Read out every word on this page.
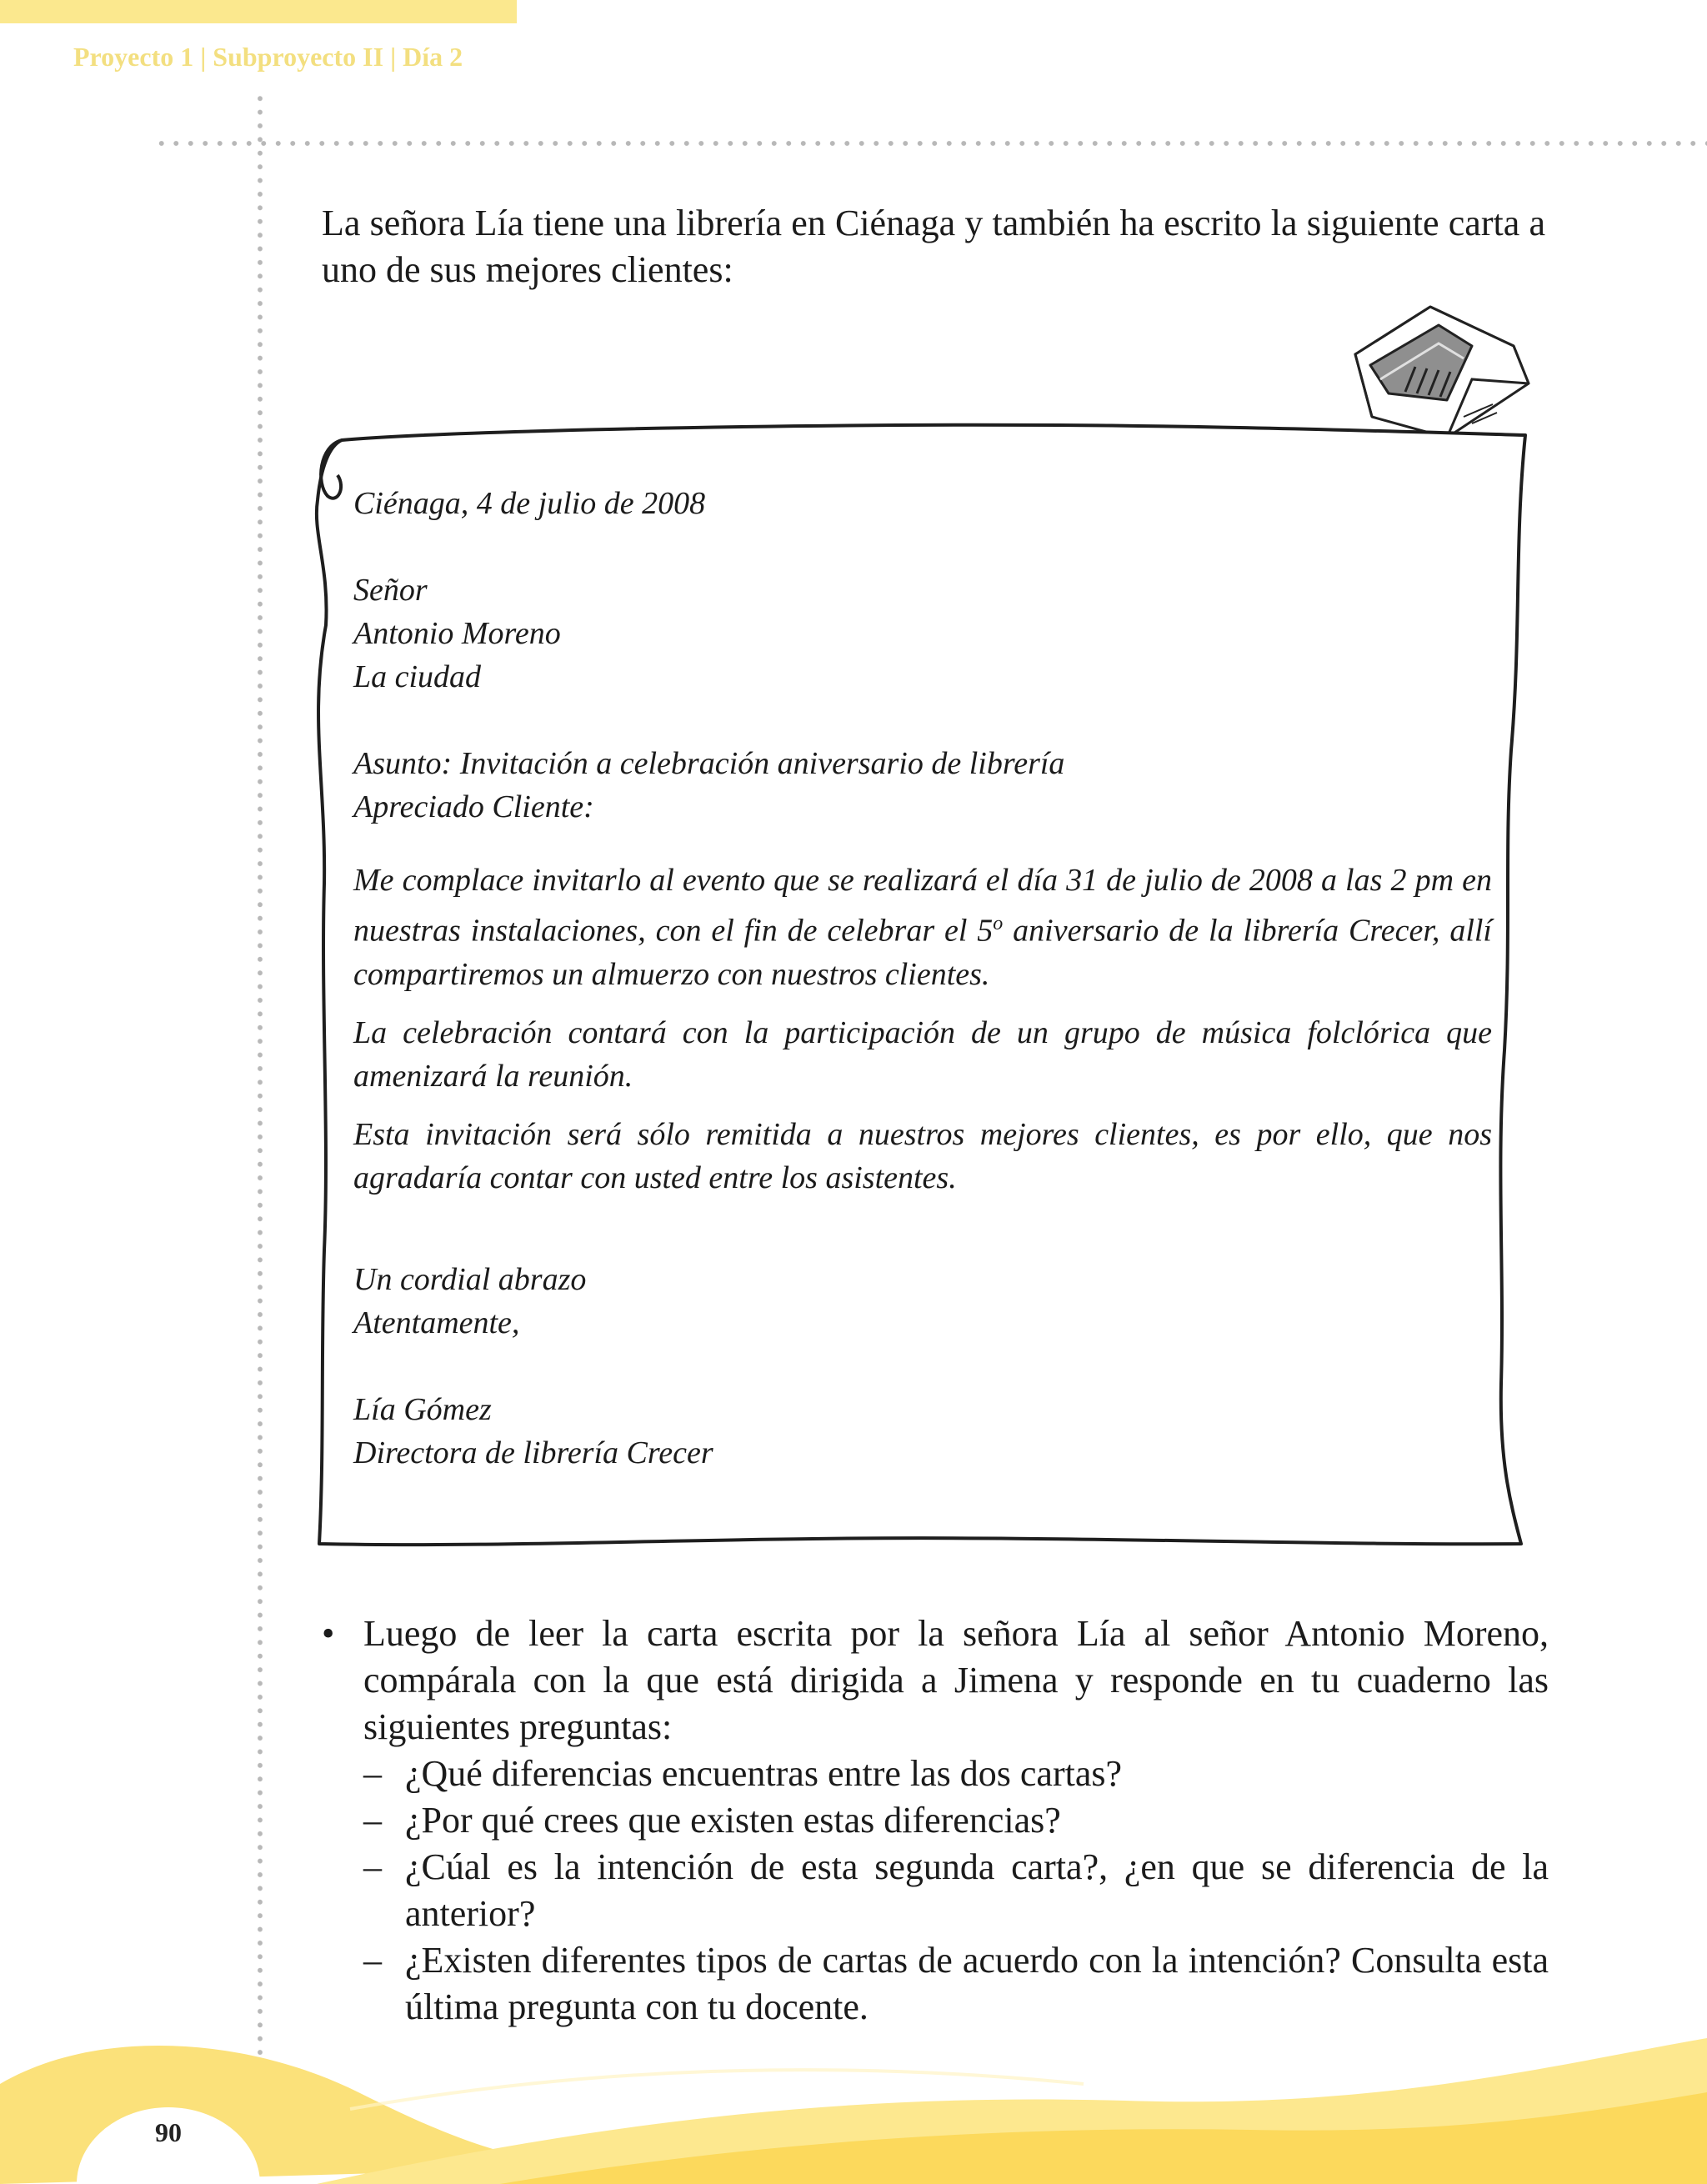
Proyecto 1 | Subproyecto II | Día 2

La señora Lía tiene una librería en Ciénaga y también ha escrito la siguiente carta a uno de sus mejores clientes:

Ciénaga, 4 de julio de 2008

Señor

Antonio Moreno

La ciudad

Asunto: Invitación a celebración aniversario de librería

Apreciado Cliente:

Me complace invitarlo al evento que se realizará el día 31 de julio de 2008 a las 2 pm en nuestras instalaciones, con el fin de celebrar el 5$^o$ aniversario de la librería Crecer, allí compartiremos un almuerzo con nuestros clientes.

La celebración contará con la participación de un grupo de música folclórica que amenizará la reunión.

Esta invitación será sólo remitida a nuestros mejores clientes, es por ello, que nos agradaría contar con usted entre los asistentes.

Un cordial abrazo

Atentamente,

Lía Gómez

Directora de librería Crecer

• Luego de leer la carta escrita por la señora Lía al señor Antonio Moreno, compárala con la que está dirigida a Jimena y responde en tu cuaderno las siguientes preguntas:

– ¿Qué diferencias encuentras entre las dos cartas?
– ¿Por qué crees que existen estas diferencias?
– ¿Cúal es la intención de esta segunda carta?, ¿en que se diferencia de la anterior?
– ¿Existen diferentes tipos de cartas de acuerdo con la intención? Consulta esta última pregunta con tu docente.

90
